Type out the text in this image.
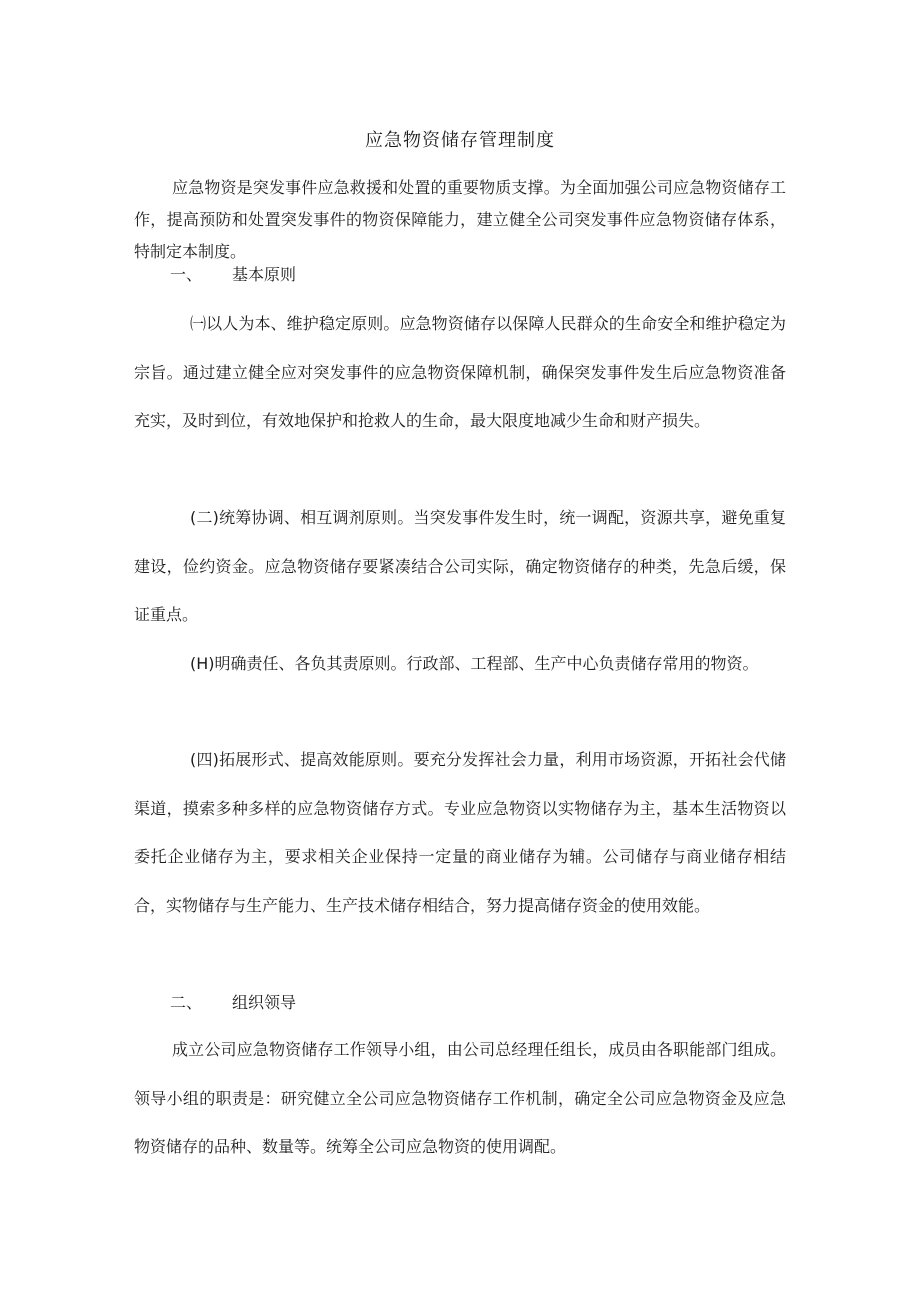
应急物资储存管理制度

应急物资是突发事件应急救援和处置的重要物质支撑。为全面加强公司应急物资储存工作，提高预防和处置突发事件的物资保障能力，建立健全公司突发事件应急物资储存体系，特制定本制度。

一、 基本原则

㈠以人为本、维护稳定原则。应急物资储存以保障人民群众的生命安全和维护稳定为宗旨。通过建立健全应对突发事件的应急物资保障机制，确保突发事件发生后应急物资准备充实，及时到位，有效地保护和抢救人的生命，最大限度地减少生命和财产损失。

(二)统筹协调、相互调剂原则。当突发事件发生时，统一调配，资源共享，避免重复建设，俭约资金。应急物资储存要紧凑结合公司实际，确定物资储存的种类，先急后缓，保证重点。

(H)明确责任、各负其责原则。行政部、工程部、生产中心负责储存常用的物资。

(四)拓展形式、提高效能原则。要充分发挥社会力量，利用市场资源，开拓社会代储渠道，摸索多种多样的应急物资储存方式。专业应急物资以实物储存为主，基本生活物资以委托企业储存为主，要求相关企业保持一定量的商业储存为辅。公司储存与商业储存相结合，实物储存与生产能力、生产技术储存相结合，努力提高储存资金的使用效能。

二、 组织领导

成立公司应急物资储存工作领导小组，由公司总经理任组长，成员由各职能部门组成。领导小组的职责是：研究健立全公司应急物资储存工作机制，确定全公司应急物资金及应急物资储存的品种、数量等。统筹全公司应急物资的使用调配。
